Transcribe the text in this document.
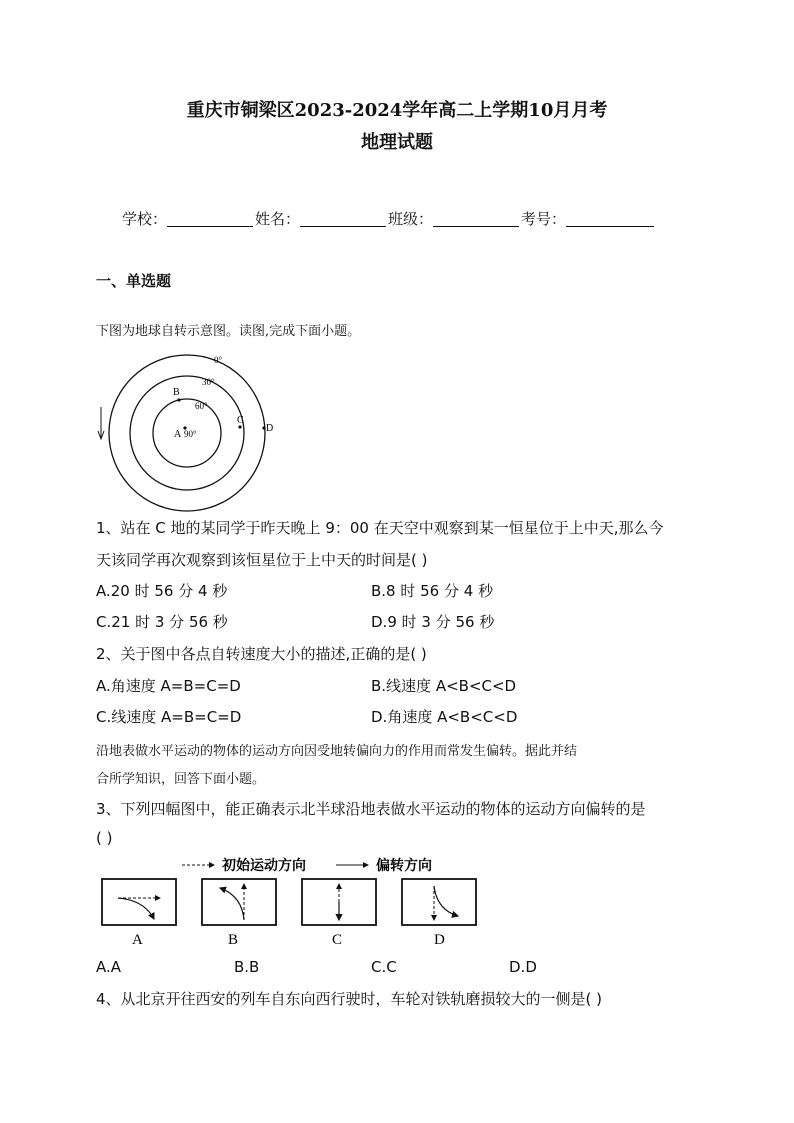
重庆市铜梁区2023-2024学年高二上学期10月月考
地理试题
学校：	姓名：	班级：	考号：
一、单选题
下图为地球自转示意图。读图,完成下面小题。
0°
30°
60°
B
C
D
A 90°
1、站在 C 地的某同学于昨天晚上 9：00 在天空中观察到某一恒星位于上中天,那么今
天该同学再次观察到该恒星位于上中天的时间是( )
A.20 时 56 分 4 秒	B.8 时 56 分 4 秒
C.21 时 3 分 56 秒	D.9 时 3 分 56 秒
2、关于图中各点自转速度大小的描述,正确的是( )
A.角速度 A=B=C=D	B.线速度 A<B<C<D
C.线速度 A=B=C=D	D.角速度 A<B<C<D
沿地表做水平运动的物体的运动方向因受地转偏向力的作用而常发生偏转。据此并结
合所学知识，回答下面小题。
3、下列四幅图中，能正确表示北半球沿地表做水平运动的物体的运动方向偏转的是
( )
初始运动方向	偏转方向
A	B	C	D
A.A	B.B	C.C	D.D
4、从北京开往西安的列车自东向西行驶时，车轮对铁轨磨损较大的一侧是( )
